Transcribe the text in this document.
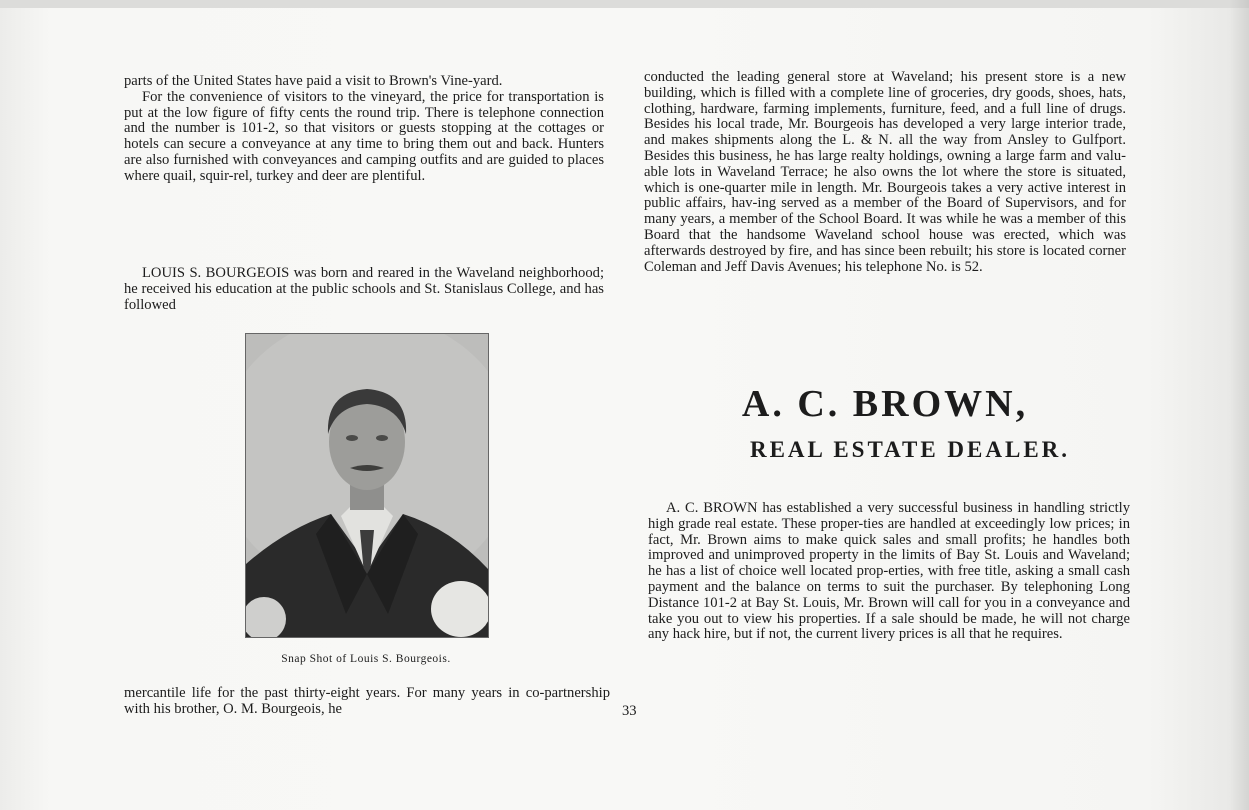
parts of the United States have paid a visit to Brown's Vine-yard.

For the convenience of visitors to the vineyard, the price for transportation is put at the low figure of fifty cents the round trip. There is telephone connection and the number is 101-2, so that visitors or guests stopping at the cottages or hotels can secure a conveyance at any time to bring them out and back. Hunters are also furnished with conveyances and camping outfits and are guided to places where quail, squir-rel, turkey and deer are plentiful.

LOUIS S. BOURGEOIS was born and reared in the Waveland neighborhood; he received his education at the public schools and St. Stanislaus College, and has followed
Snap Shot of Louis S. Bourgeois.
mercantile life for the past thirty-eight years. For many years in co-partnership with his brother, O. M. Bourgeois, he	33
conducted the leading general store at Waveland; his present store is a new building, which is filled with a complete line of groceries, dry goods, shoes, hats, clothing, hardware, farming implements, furniture, feed, and a full line of drugs. Besides his local trade, Mr. Bourgeois has developed a very large interior trade, and makes shipments along the L. & N. all the way from Ansley to Gulfport. Besides this business, he has large realty holdings, owning a large farm and valu-able lots in Waveland Terrace; he also owns the lot where the store is situated, which is one-quarter mile in length. Mr. Bourgeois takes a very active interest in public affairs, hav-ing served as a member of the Board of Supervisors, and for many years, a member of the School Board. It was while he was a member of this Board that the handsome Waveland school house was erected, which was afterwards destroyed by fire, and has since been rebuilt; his store is located corner Coleman and Jeff Davis Avenues; his telephone No. is 52.
A. C. BROWN,
REAL ESTATE DEALER.
A. C. BROWN has established a very successful business in handling strictly high grade real estate. These proper-ties are handled at exceedingly low prices; in fact, Mr. Brown aims to make quick sales and small profits; he handles both improved and unimproved property in the limits of Bay St. Louis and Waveland; he has a list of choice well located prop-erties, with free title, asking a small cash payment and the balance on terms to suit the purchaser. By telephoning Long Distance 101-2 at Bay St. Louis, Mr. Brown will call for you in a conveyance and take you out to view his properties. If a sale should be made, he will not charge any hack hire, but if not, the current livery prices is all that he requires.
